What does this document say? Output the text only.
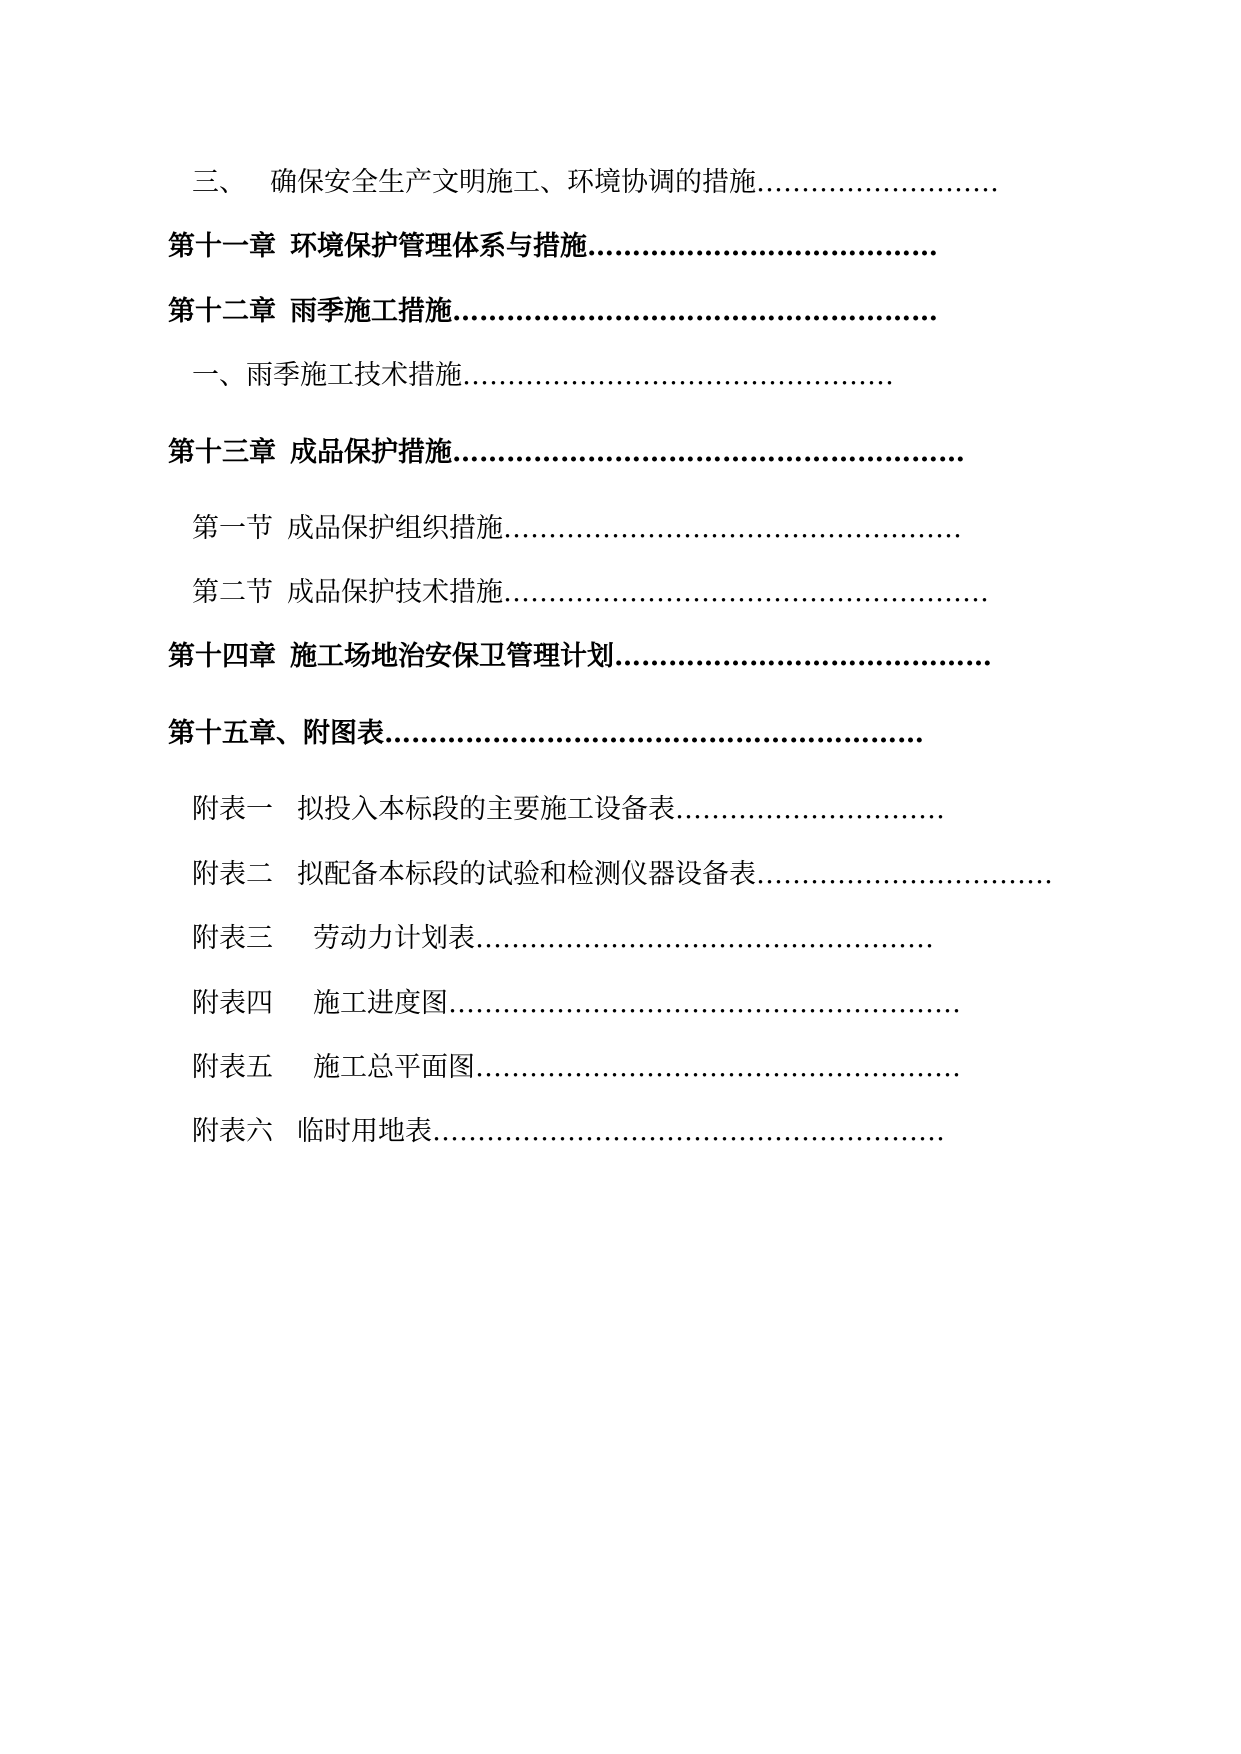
三、 确保安全生产文明施工、环境协调的措施………………………
第十一章 环境保护管理体系与措施…………………………………
第十二章 雨季施工措施………………………………………………
一、雨季施工技术措施…………………………………………
第十三章 成品保护措施…………………………………………………
第一节 成品保护组织措施……………………………………………
第二节 成品保护技术措施………………………………………………
第十四章 施工场地治安保卫管理计划……………………………………
第十五章、附图表……………………………………………………
附表一 拟投入本标段的主要施工设备表…………………………
附表二 拟配备本标段的试验和检测仪器设备表……………………………
附表三 劳动力计划表……………………………………………
附表四 施工进度图…………………………………………………
附表五 施工总平面图………………………………………………
附表六 临时用地表…………………………………………………
